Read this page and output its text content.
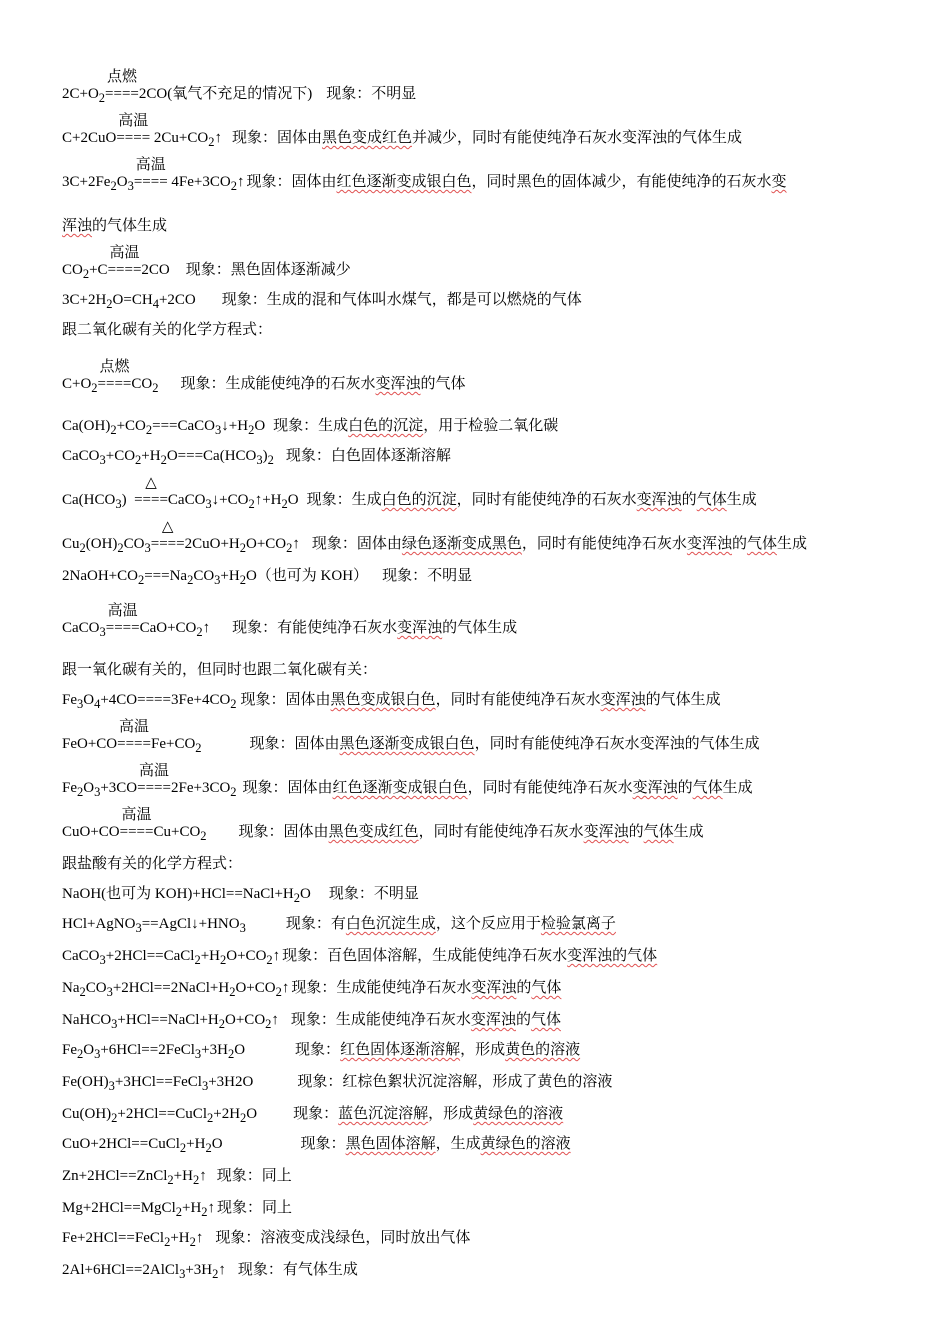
$2C+O_2====$
点燃
2CO(氧气不充足的情况下) 现象：不明显
C+2CuO====
高温
$2Cu+CO_2↑$ 现象：固体由黑色变成红色并减少，同时有能使纯净石灰水变浑浊的气体生成
$3C+2Fe_2O_3====$
高温
$4Fe+3CO_2↑$ 现象：固体由红色逐渐变成银白色，同时黑色的固体减少，有能使纯净的石灰水变
浑浊的气体生成
$CO_2+C====$
高温
2CO 现象：黑色固体逐渐减少
$3C+2H_2O=CH_4+2CO$ 现象：生成的混和气体叫水煤气，都是可以燃烧的气体
跟二氧化碳有关的化学方程式：
$C+O_2====$
点燃
$CO_2$ 现象：生成能使纯净的石灰水变浑浊的气体
$Ca(OH)_2+CO_2===CaCO_3↓+H_2O$ 现象：生成白色的沉淀，用于检验二氧化碳
$CaCO_3+CO_2+H_2O===Ca(HCO_3)_2$ 现象：白色固体逐渐溶解
$Ca(HCO_3)$  ====
△
$CaCO_3↓+CO_2↑+H_2O$ 现象：生成白色的沉淀，同时有能使纯净的石灰水变浑浊的气体生成
$Cu_2(OH)_2CO_3====$
△
$2CuO+H_2O+CO_2↑$ 现象：固体由绿色逐渐变成黑色，同时有能使纯净石灰水变浑浊的气体生成
$2NaOH+CO_2===Na_2CO_3+H_2O$（也可为 KOH） 现象：不明显
CaCO$_3$====
高温
$CaO+CO_2↑$ 现象：有能使纯净石灰水变浑浊的气体生成
跟一氧化碳有关的，但同时也跟二氧化碳有关：
$Fe_3O_4+4CO====3Fe+4CO_2$ 现象：固体由黑色变成银白色，同时有能使纯净石灰水变浑浊的气体生成
FeO+CO====
高温
$Fe+CO_2$	现象：固体由黑色逐渐变成银白色，同时有能使纯净石灰水变浑浊的气体生成
$Fe_2O_3+3CO====$
高温
$2Fe+3CO_2$ 现象：固体由红色逐渐变成银白色，同时有能使纯净石灰水变浑浊的气体生成
CuO+CO====
高温
$Cu+CO_2$ 现象：固体由黑色变成红色，同时有能使纯净石灰水变浑浊的气体生成
跟盐酸有关的化学方程式：
NaOH(也可为 $KOH)+HCl==NaCl+H_2O$ 现象：不明显
$HCl+AgNO_3==AgCl↓+HNO_3$	现象：有白色沉淀生成，这个反应用于检验氯离子
$CaCO_3+2HCl==CaCl_2+H_2O+CO_2↑$ 现象：百色固体溶解，生成能使纯净石灰水变浑浊的气体
$Na_2CO_3+2HCl==2NaCl+H_2O+CO_2↑$ 现象：生成能使纯净石灰水变浑浊的气体
$NaHCO_3+HCl==NaCl+H_2O+CO_2↑$ 现象：生成能使纯净石灰水变浑浊的气体
$Fe_2O_3+6HCl==2FeCl_3+3H_2O$	现象：红色固体逐渐溶解，形成黄色的溶液
$Fe(OH)_3+3HCl==FeCl_3+3H2O$	现象：红棕色絮状沉淀溶解，形成了黄色的溶液
$Cu(OH)_2+2HCl==CuCl_2+2H_2O$ 现象：蓝色沉淀溶解，形成黄绿色的溶液
$CuO+2HCl==CuCl_2+H_2O$	现象：黑色固体溶解，生成黄绿色的溶液
$Zn+2HCl==ZnCl_2+H_2↑$ 现象：同上
$Mg+2HCl==MgCl_2+H_2↑$ 现象：同上
$Fe+2HCl==FeCl_2+H_2↑$ 现象：溶液变成浅绿色，同时放出气体
$2Al+6HCl==2AlCl_3+3H_2↑$ 现象：有气体生成
